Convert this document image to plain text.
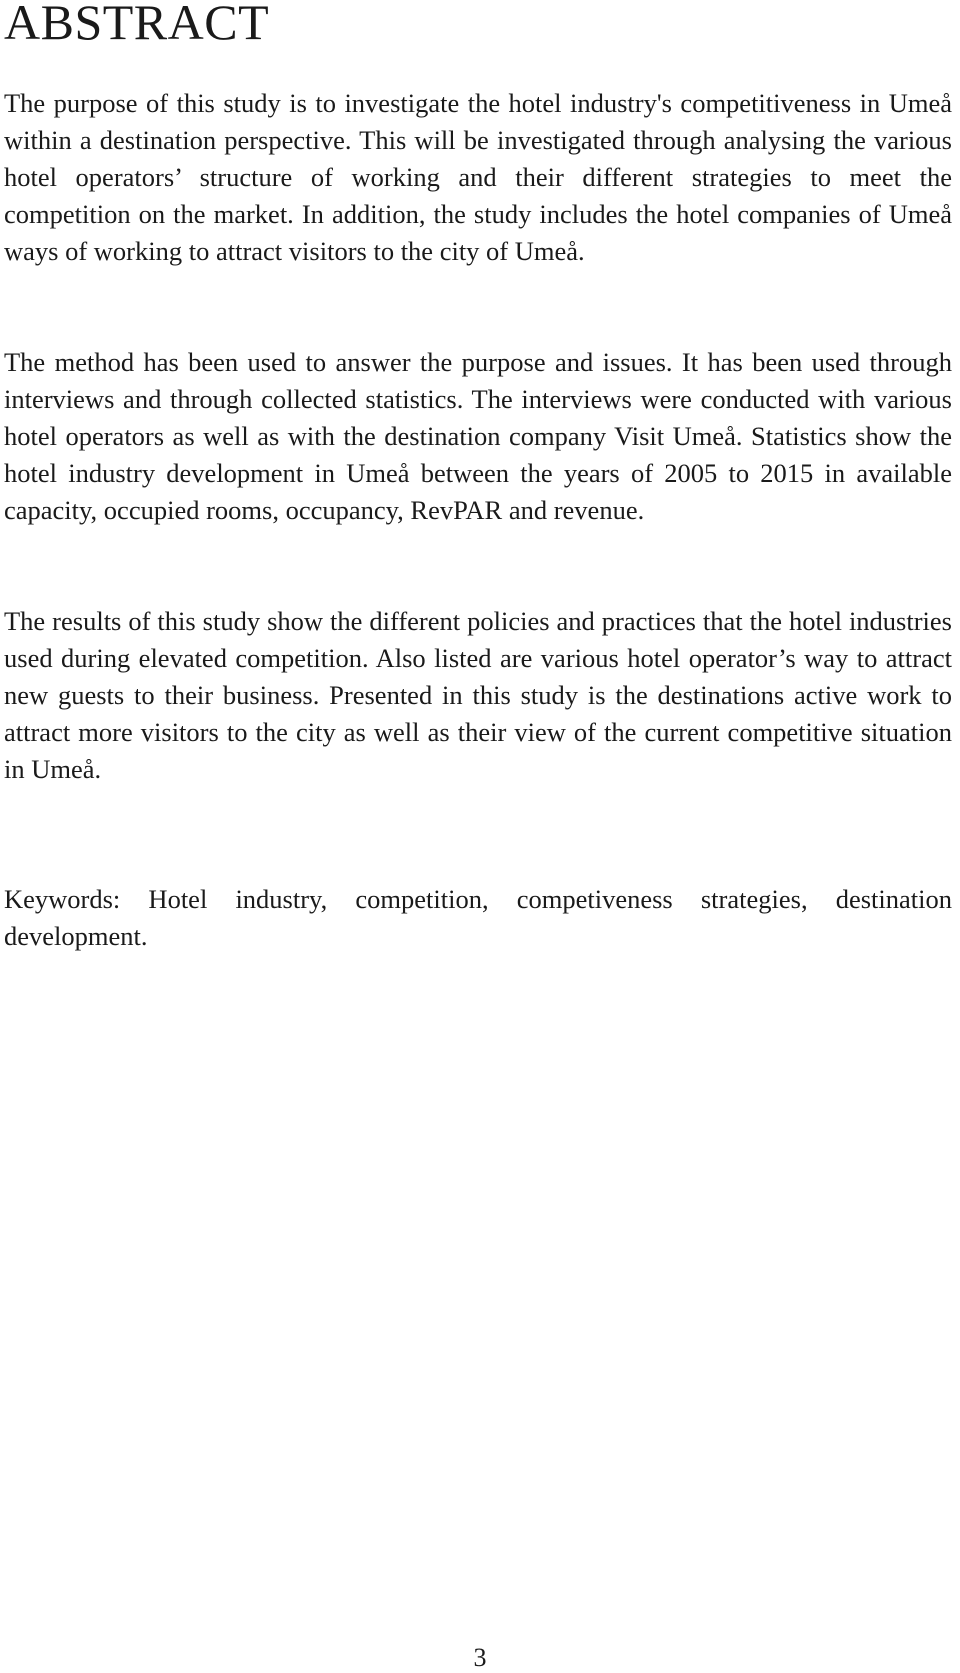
ABSTRACT

The purpose of this study is to investigate the hotel industry's competitiveness in Umeå within a destination perspective. This will be investigated through analysing the various hotel operators’ structure of working and their different strategies to meet the competition on the market. In addition, the study includes the hotel companies of Umeå ways of working to attract visitors to the city of Umeå.

The method has been used to answer the purpose and issues. It has been used through interviews and through collected statistics. The interviews were conducted with various hotel operators as well as with the destination company Visit Umeå. Statistics show the hotel industry development in Umeå between the years of 2005 to 2015 in available capacity, occupied rooms, occupancy, RevPAR and revenue.

The results of this study show the different policies and practices that the hotel industries used during elevated competition. Also listed are various hotel operator’s way to attract new guests to their business. Presented in this study is the destinations active work to attract more visitors to the city as well as their view of the current competitive situation in Umeå.

Keywords: Hotel industry, competition, competiveness strategies, destination development.

3
